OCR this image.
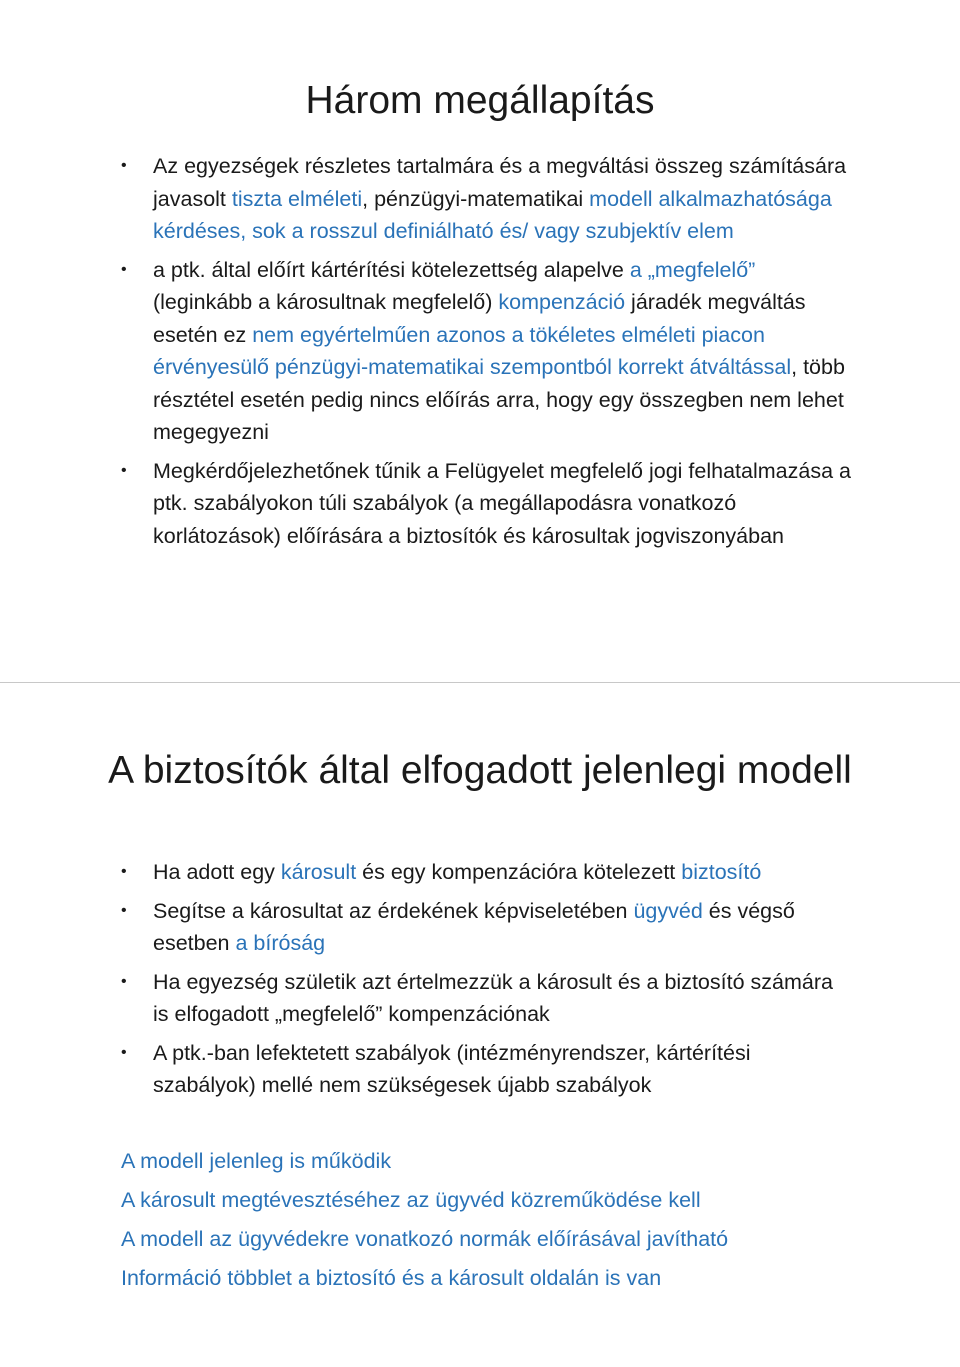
Három megállapítás
• Az egyezségek részletes tartalmára és a megváltási összeg számítására javasolt tiszta elméleti, pénzügyi-matematikai modell alkalmazhatósága kérdéses, sok a rosszul definiálható és/ vagy szubjektív elem
• a ptk. által előírt kártérítési kötelezettség alapelve a „megfelelő” (leginkább a károsultnak megfelelő) kompenzáció járadék megváltás esetén ez nem egyértelműen azonos a tökéletes elméleti piacon érvényesülő pénzügyi-matematikai szempontból korrekt átváltással, több résztétel esetén pedig nincs előírás arra, hogy egy összegben nem lehet megegyezni
• Megkérdőjelezhetőnek tűnik a Felügyelet megfelelő jogi felhatalmazása a ptk. szabályokon túli szabályok (a megállapodásra vonatkozó korlátozások) előírására a biztosítók és károsultak jogviszonyában
A biztosítók által elfogadott jelenlegi modell
• Ha adott egy károsult és egy kompenzációra kötelezett biztosító
• Segítse a károsultat az érdekének képviseletében ügyvéd és végső esetben a bíróság
• Ha egyezség születik azt értelmezzük a károsult és a biztosító számára is elfogadott „megfelelő” kompenzációnak
• A ptk.-ban lefektetett szabályok (intézményrendszer, kártérítési szabályok) mellé nem szükségesek újabb szabályok
A modell jelenleg is működik
A károsult megtévesztéséhez az ügyvéd közreműködése kell
A modell az ügyvédekre vonatkozó normák előírásával javítható
Információ többlet a biztosító és a károsult oldalán is van
